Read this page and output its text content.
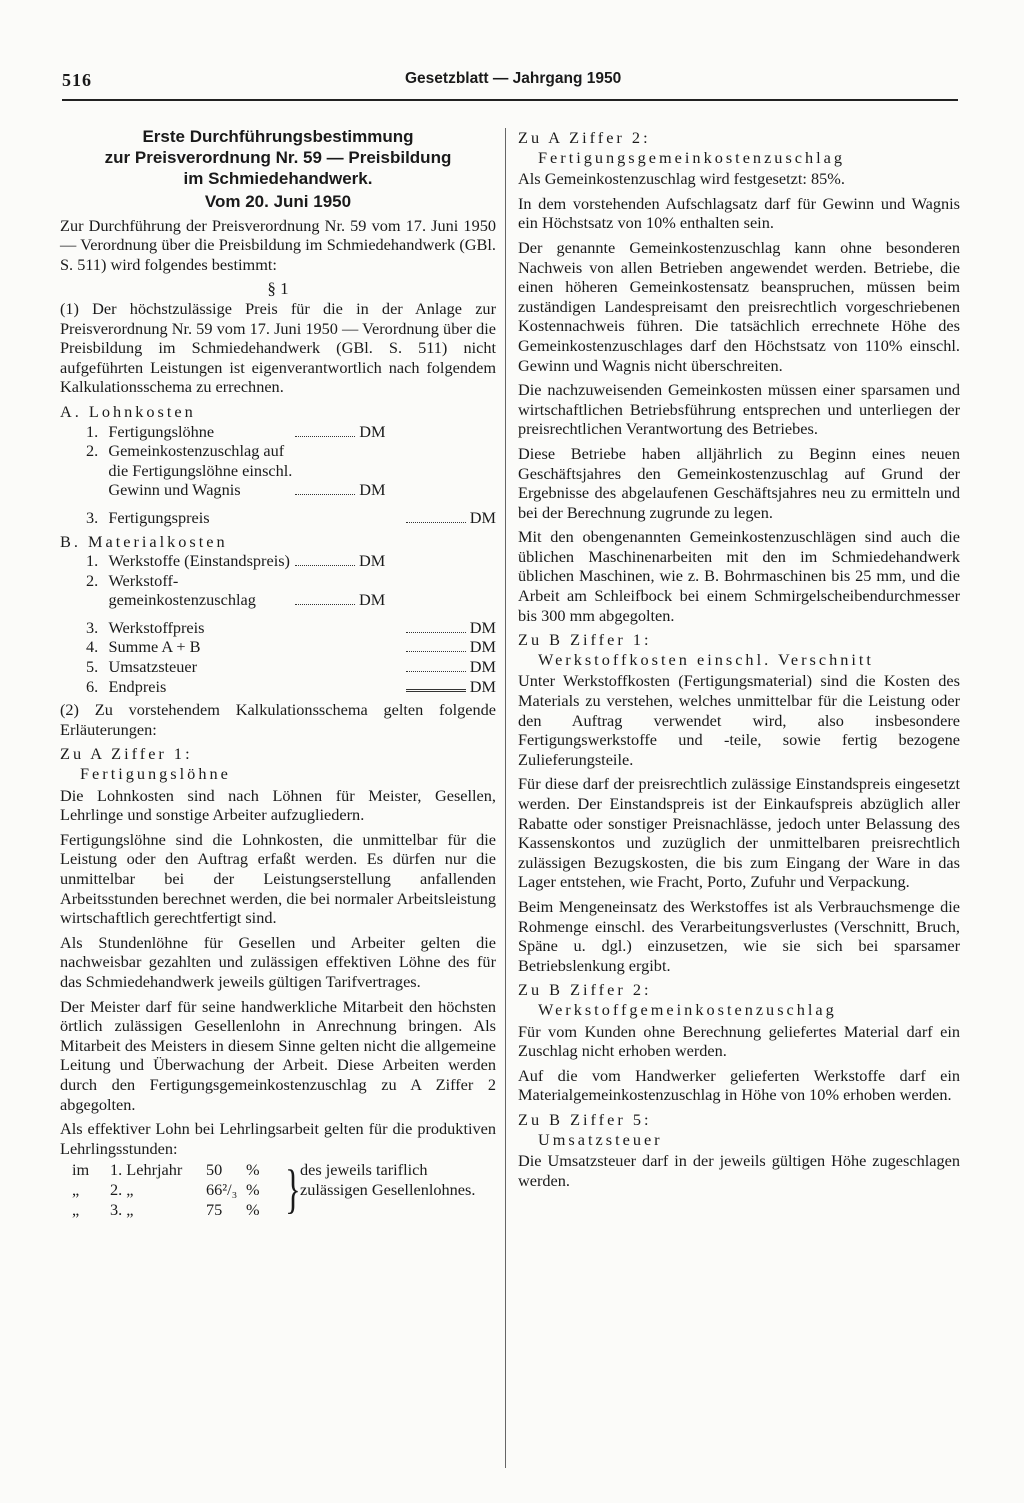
516	Gesetzblatt — Jahrgang 1950
Erste Durchführungsbestimmung
zur Preisverordnung Nr. 59 — Preisbildung
im Schmiedehandwerk.
Vom 20. Juni 1950

Zur Durchführung der Preisverordnung Nr. 59 vom 17. Juni 1950 — Verordnung über die Preisbildung im Schmiedehandwerk (GBl. S. 511) wird folgendes bestimmt:

§ 1

(1) Der höchstzulässige Preis für die in der Anlage zur Preisverordnung Nr. 59 vom 17. Juni 1950 — Verordnung über die Preisbildung im Schmiedehandwerk (GBl. S. 511) nicht aufgeführten Leistungen ist eigenverantwortlich nach folgendem Kalkulationsschema zu errechnen.

A. Lohnkosten
1.	Fertigungslöhne	DM	
2.	Gemeinkostenzuschlag auf die Fertigungslöhne einschl. Gewinn und Wagnis	DM	

3.	Fertigungspreis		DM
B. Materialkosten
1.	Werkstoffe (Einstandspreis)	DM	
2.	Werkstoff-gemeinkostenzuschlag	DM	

3.	Werkstoffpreis		DM
4.	Summe A + B		DM
5.	Umsatzsteuer		DM
6.	Endpreis		DM

(2) Zu vorstehendem Kalkulationsschema gelten folgende Erläuterungen:

Zu A Ziffer 1:
Fertigungslöhne

Die Lohnkosten sind nach Löhnen für Meister, Gesellen, Lehrlinge und sonstige Arbeiter aufzugliedern.

Fertigungslöhne sind die Lohnkosten, die unmittelbar für die Leistung oder den Auftrag erfaßt werden. Es dürfen nur die unmittelbar bei der Leistungserstellung anfallenden Arbeitsstunden berechnet werden, die bei normaler Arbeitsleistung wirtschaftlich gerechtfertigt sind.

Als Stundenlöhne für Gesellen und Arbeiter gelten die nachweisbar gezahlten und zulässigen effektiven Löhne des für das Schmiedehandwerk jeweils gültigen Tarifvertrages.

Der Meister darf für seine handwerkliche Mitarbeit den höchsten örtlich zulässigen Gesellenlohn in Anrechnung bringen. Als Mitarbeit des Meisters in diesem Sinne gelten nicht die allgemeine Leitung und Überwachung der Arbeit. Diese Arbeiten werden durch den Fertigungsgemeinkostenzuschlag zu A Ziffer 2 abgegolten.

Als effektiver Lohn bei Lehrlingsarbeit gelten für die produktiven Lehrlingsstunden:

im 1. Lehrjahr 50 %
„ 2. „	66²/₃ %
„ 3. „	75 % } des jeweils tariflich zulässigen Gesellenlohnes.
Zu A Ziffer 2:
Fertigungsgemeinkostenzuschlag

Als Gemeinkostenzuschlag wird festgesetzt: 85%.

In dem vorstehenden Aufschlagsatz darf für Gewinn und Wagnis ein Höchstsatz von 10% enthalten sein.

Der genannte Gemeinkostenzuschlag kann ohne besonderen Nachweis von allen Betrieben angewendet werden. Betriebe, die einen höheren Gemeinkostensatz beanspruchen, müssen beim zuständigen Landespreisamt den preisrechtlich vorgeschriebenen Kostennachweis führen. Die tatsächlich errechnete Höhe des Gemeinkostenzuschlages darf den Höchstsatz von 110% einschl. Gewinn und Wagnis nicht überschreiten.

Die nachzuweisenden Gemeinkosten müssen einer sparsamen und wirtschaftlichen Betriebsführung entsprechen und unterliegen der preisrechtlichen Verantwortung des Betriebes.

Diese Betriebe haben alljährlich zu Beginn eines neuen Geschäftsjahres den Gemeinkostenzuschlag auf Grund der Ergebnisse des abgelaufenen Geschäftsjahres neu zu ermitteln und bei der Berechnung zugrunde zu legen.

Mit den obengenannten Gemeinkostenzuschlägen sind auch die üblichen Maschinenarbeiten mit den im Schmiedehandwerk üblichen Maschinen, wie z. B. Bohrmaschinen bis 25 mm, und die Arbeit am Schleifbock bei einem Schmirgelscheibendurchmesser bis 300 mm abgegolten.

Zu B Ziffer 1:
Werkstoffkosten einschl. Verschnitt

Unter Werkstoffkosten (Fertigungsmaterial) sind die Kosten des Materials zu verstehen, welches unmittelbar für die Leistung oder den Auftrag verwendet wird, also insbesondere Fertigungswerkstoffe und -teile, sowie fertig bezogene Zulieferungsteile.

Für diese darf der preisrechtlich zulässige Einstandspreis eingesetzt werden. Der Einstandspreis ist der Einkaufspreis abzüglich aller Rabatte oder sonstiger Preisnachlässe, jedoch unter Belassung des Kassenskontos und zuzüglich der unmittelbaren preisrechtlich zulässigen Bezugskosten, die bis zum Eingang der Ware in das Lager entstehen, wie Fracht, Porto, Zufuhr und Verpackung.

Beim Mengeneinsatz des Werkstoffes ist als Verbrauchsmenge die Rohmenge einschl. des Verarbeitungsverlustes (Verschnitt, Bruch, Späne u. dgl.) einzusetzen, wie sie sich bei sparsamer Betriebslenkung ergibt.

Zu B Ziffer 2:
Werkstoffgemeinkostenzuschlag

Für vom Kunden ohne Berechnung geliefertes Material darf ein Zuschlag nicht erhoben werden.

Auf die vom Handwerker gelieferten Werkstoffe darf ein Materialgemeinkostenzuschlag in Höhe von 10% erhoben werden.

Zu B Ziffer 5:
Umsatzsteuer

Die Umsatzsteuer darf in der jeweils gültigen Höhe zugeschlagen werden.
